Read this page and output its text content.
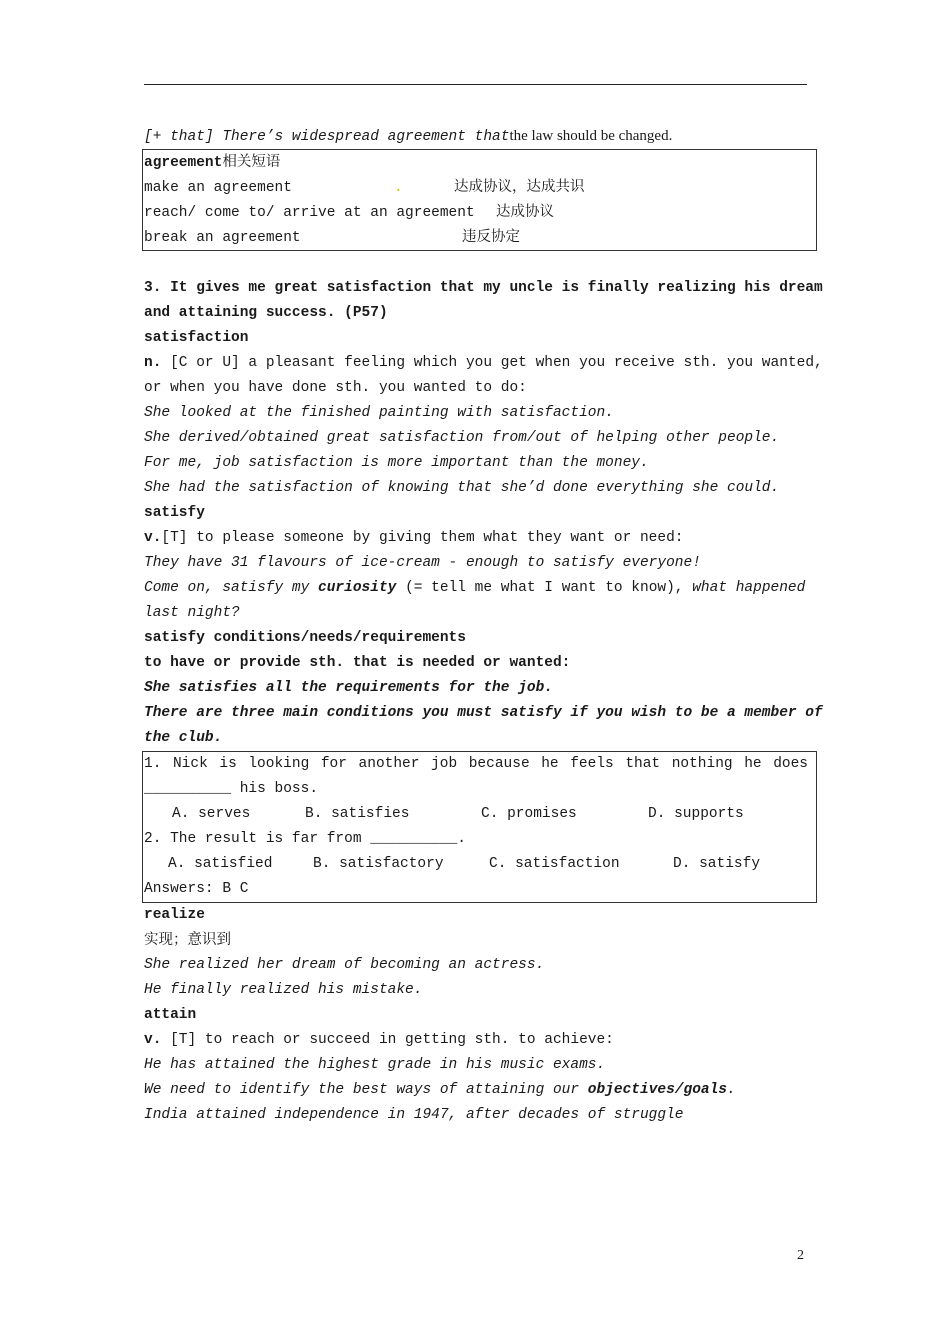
[+ that] There’s widespread agreement thatthe law should be changed.
agreement相关短语
make an agreement	.	达成协议，达成共识
reach/ come to/ arrive at an agreement 达成协议
break an agreement	违反协定
3. It gives me great satisfaction that my uncle is finally realizing his dream
and attaining success. (P57)
satisfaction
n. [C or U] a pleasant feeling which you get when you receive sth. you wanted,
or when you have done sth. you wanted to do:
She looked at the finished painting with satisfaction.
She derived/obtained great satisfaction from/out of helping other people.
For me, job satisfaction is more important than the money.
She had the satisfaction of knowing that she’d done everything she could.
satisfy
v.[T] to please someone by giving them what they want or need:
They have 31 flavours of ice-cream - enough to satisfy everyone!
Come on, satisfy my curiosity (= tell me what I want to know), what happened
last night?
satisfy conditions/needs/requirements
to have or provide sth. that is needed or wanted:
She satisfies all the requirements for the job.
There are three main conditions you must satisfy if you wish to be a member of
the club.
1. Nick is looking for another job because he feels that nothing he does
__________ his boss.
A. serves	B. satisfies	C. promises	D. supports
2. The result is far from __________.
A. satisfied	B. satisfactory	C. satisfaction	D. satisfy
Answers: B C
realize
实现；意识到
She realized her dream of becoming an actress.
He finally realized his mistake.
attain
v. [T] to reach or succeed in getting sth. to achieve:
He has attained the highest grade in his music exams.
We need to identify the best ways of attaining our objectives/goals.
India attained independence in 1947, after decades of struggle
2
